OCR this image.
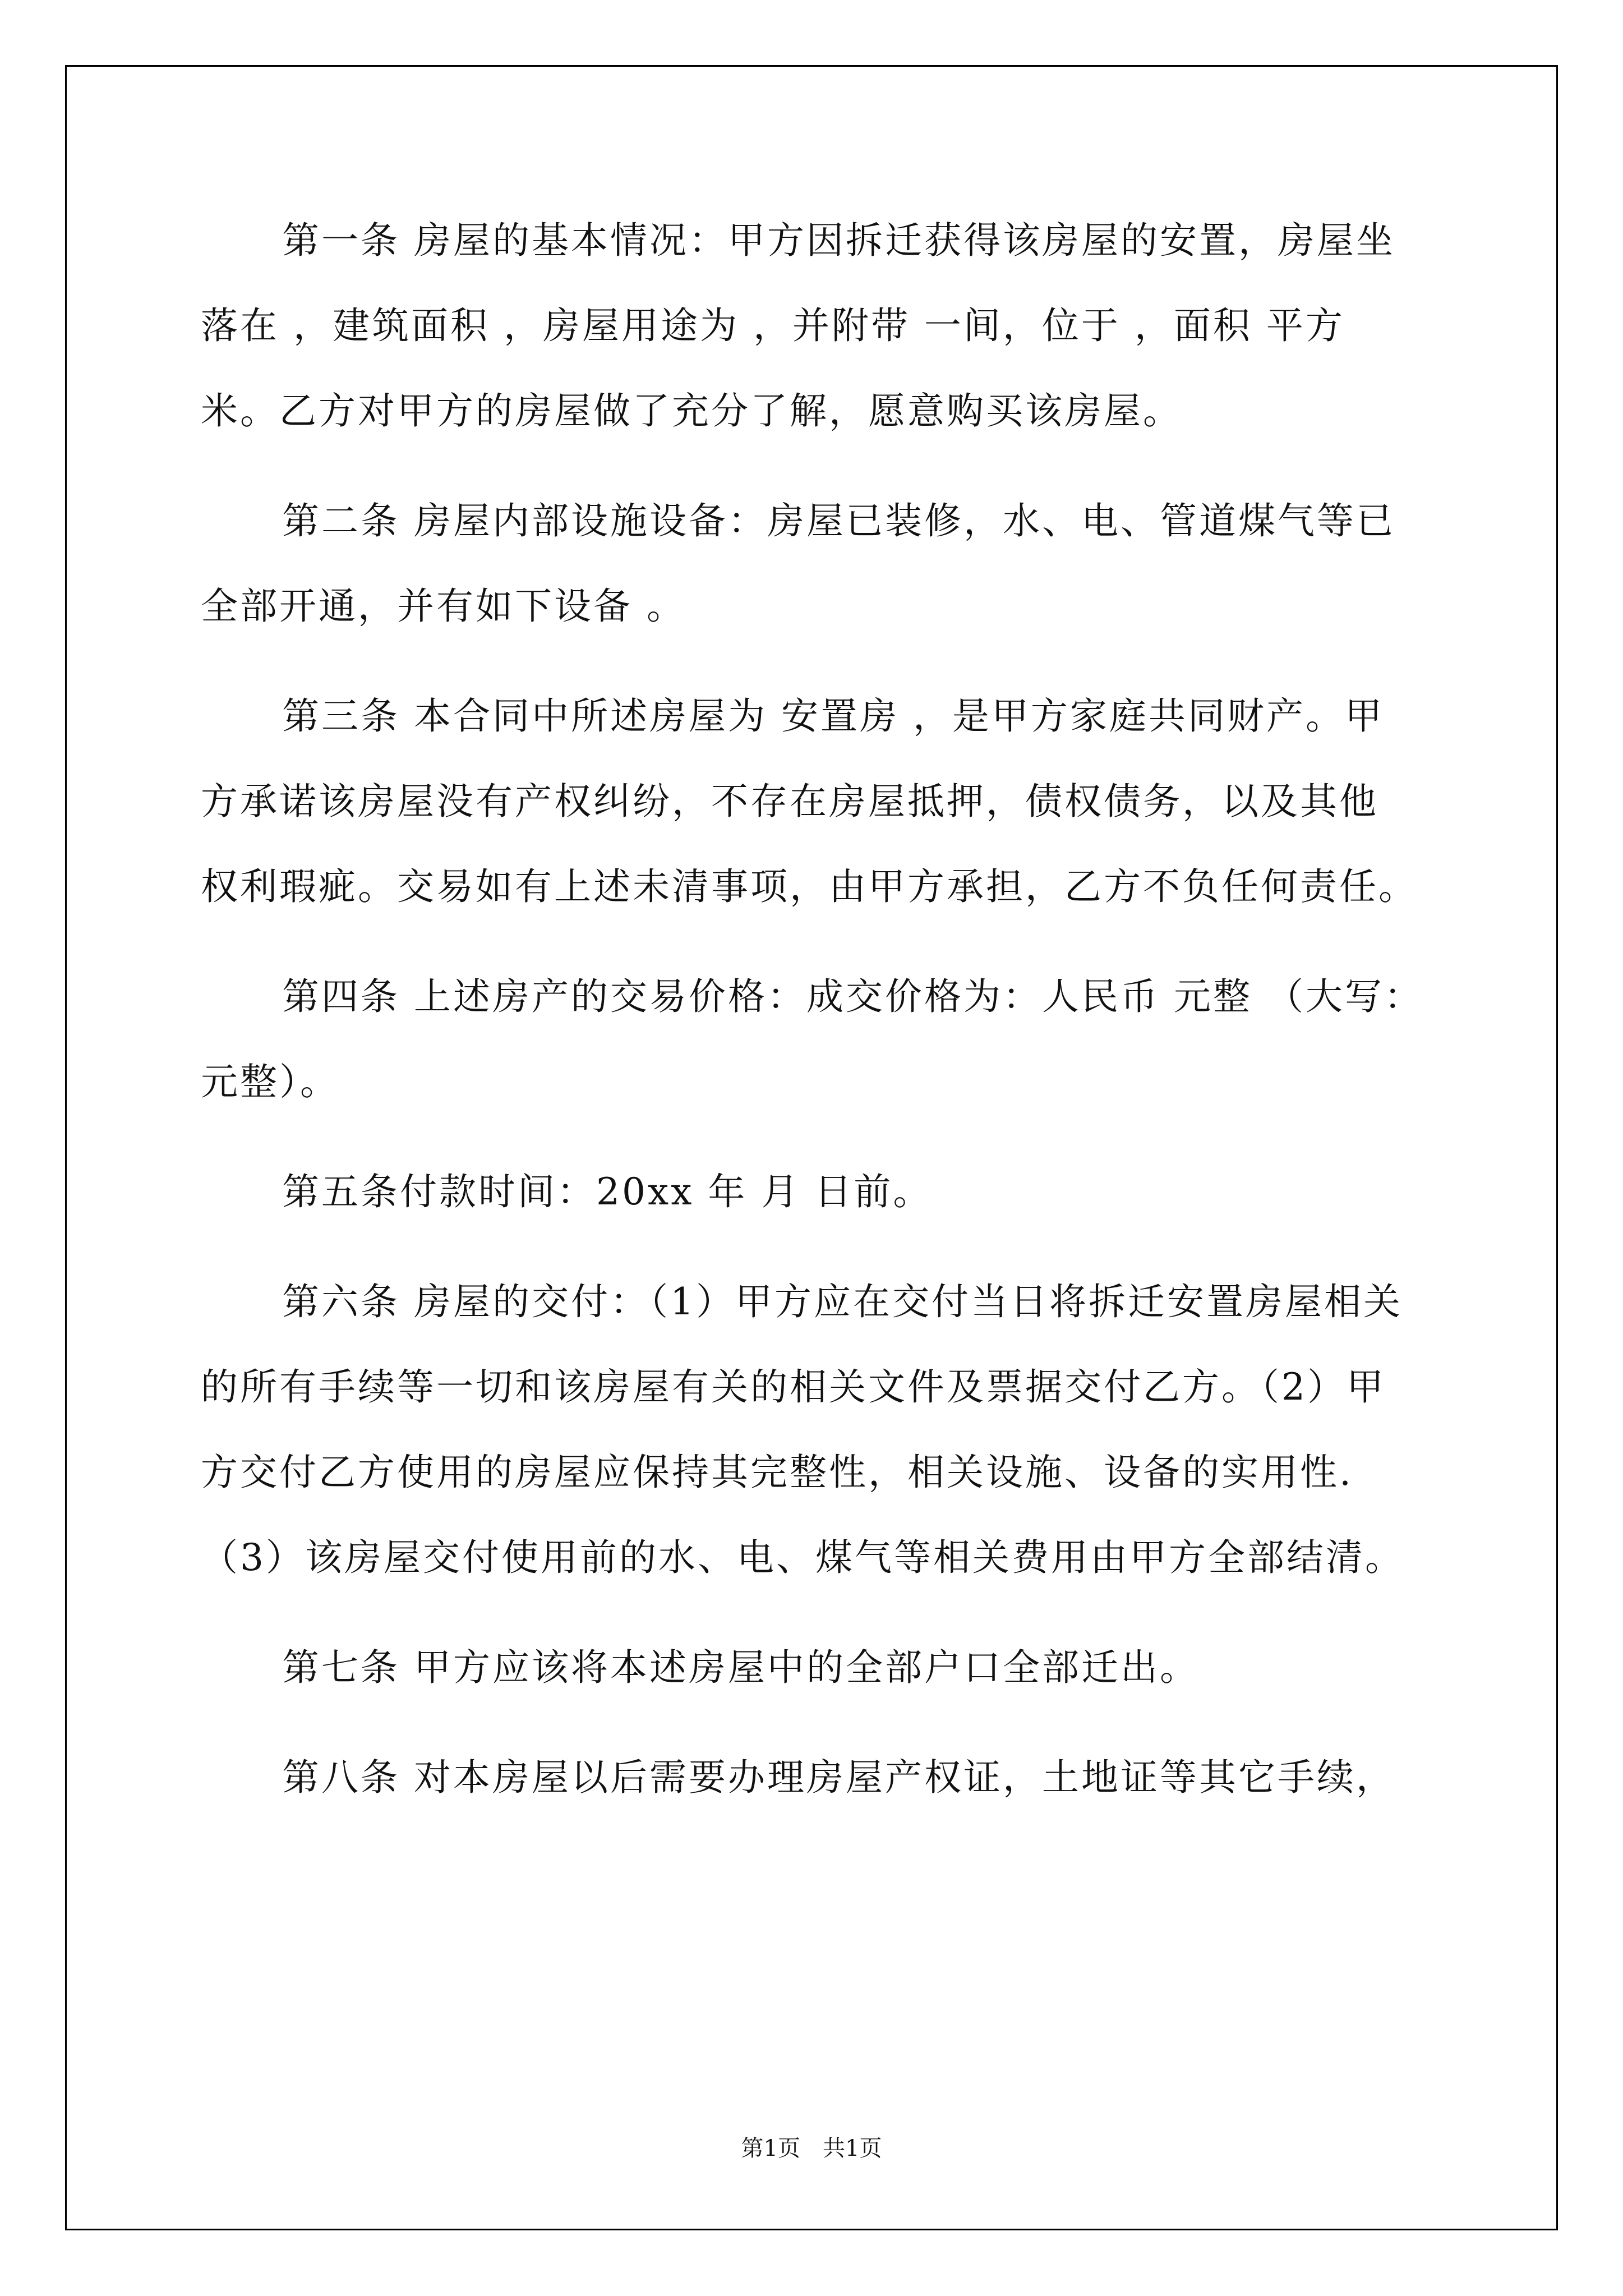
第一条 房屋的基本情况：甲方因拆迁获得该房屋的安置，房屋坐
落在 ，建筑面积 ，房屋用途为 ，并附带 一间，位于 ，面积 平方
米。乙方对甲方的房屋做了充分了解，愿意购买该房屋。
第二条 房屋内部设施设备：房屋已装修，水、电、管道煤气等已
全部开通，并有如下设备 。
第三条 本合同中所述房屋为 安置房 ，是甲方家庭共同财产。甲
方承诺该房屋没有产权纠纷，不存在房屋抵押，债权债务，以及其他
权利瑕疵。交易如有上述未清事项，由甲方承担，乙方不负任何责任。
第四条 上述房产的交易价格：成交价格为：人民币 元整 （大写：
元整）。
第五条付款时间：20xx 年 月 日前。
第六条 房屋的交付：（1）甲方应在交付当日将拆迁安置房屋相关
的所有手续等一切和该房屋有关的相关文件及票据交付乙方。（2）甲
方交付乙方使用的房屋应保持其完整性，相关设施、设备的实用性.
（3）该房屋交付使用前的水、电、煤气等相关费用由甲方全部结清。
第七条 甲方应该将本述房屋中的全部户口全部迁出。
第八条 对本房屋以后需要办理房屋产权证，土地证等其它手续，
第1页　共1页
